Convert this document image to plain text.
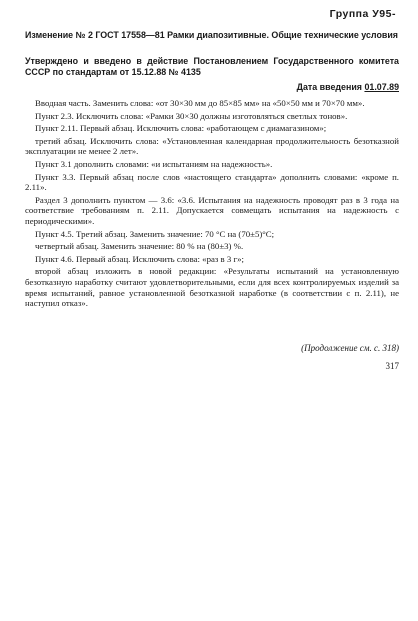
Группа У95-
Изменение № 2 ГОСТ 17558—81 Рамки диапозитивные. Общие технические условия
Утверждено и введено в действие Постановлением Государственного комитета СССР по стандартам от 15.12.88 № 4135
Дата введения 01.07.89

Вводная часть. Заменить слова: «от 30×30 мм до 85×85 мм» на «50×50 мм и 70×70 мм».

Пункт 2.3. Исключить слова: «Рамки 30×30 должны изготовляться светлых тонов».

Пункт 2.11. Первый абзац. Исключить слова: «работающем с диамагазином»;

третий абзац. Исключить слова: «Установленная календарная продолжительность безотказной эксплуатации не менее 2 лет».

Пункт 3.1 дополнить словами: «и испытаниям на надежность».

Пункт 3.3. Первый абзац после слов «настоящего стандарта» дополнить словами: «кроме п. 2.11».

Раздел 3 дополнить пунктом — 3.6: «3.6. Испытания на надежность проводят раз в 3 года на соответствие требованиям п. 2.11. Допускается совмещать испытания на надежность с периодическими».

Пункт 4.5. Третий абзац. Заменить значение: 70 °С на (70±5)°С;

четвертый абзац. Заменить значение: 80 % на (80±3) %.

Пункт 4.6. Первый абзац. Исключить слова: «раз в 3 г»;

второй абзац изложить в новой редакции: «Результаты испытаний на установленную безотказную наработку считают удовлетворительными, если для всех контролируемых изделий за время испытаний, равное установленной безотказной наработке (в соответствии с п. 2.11), не наступил отказ».

(Продолжение см. с. 318)
317
